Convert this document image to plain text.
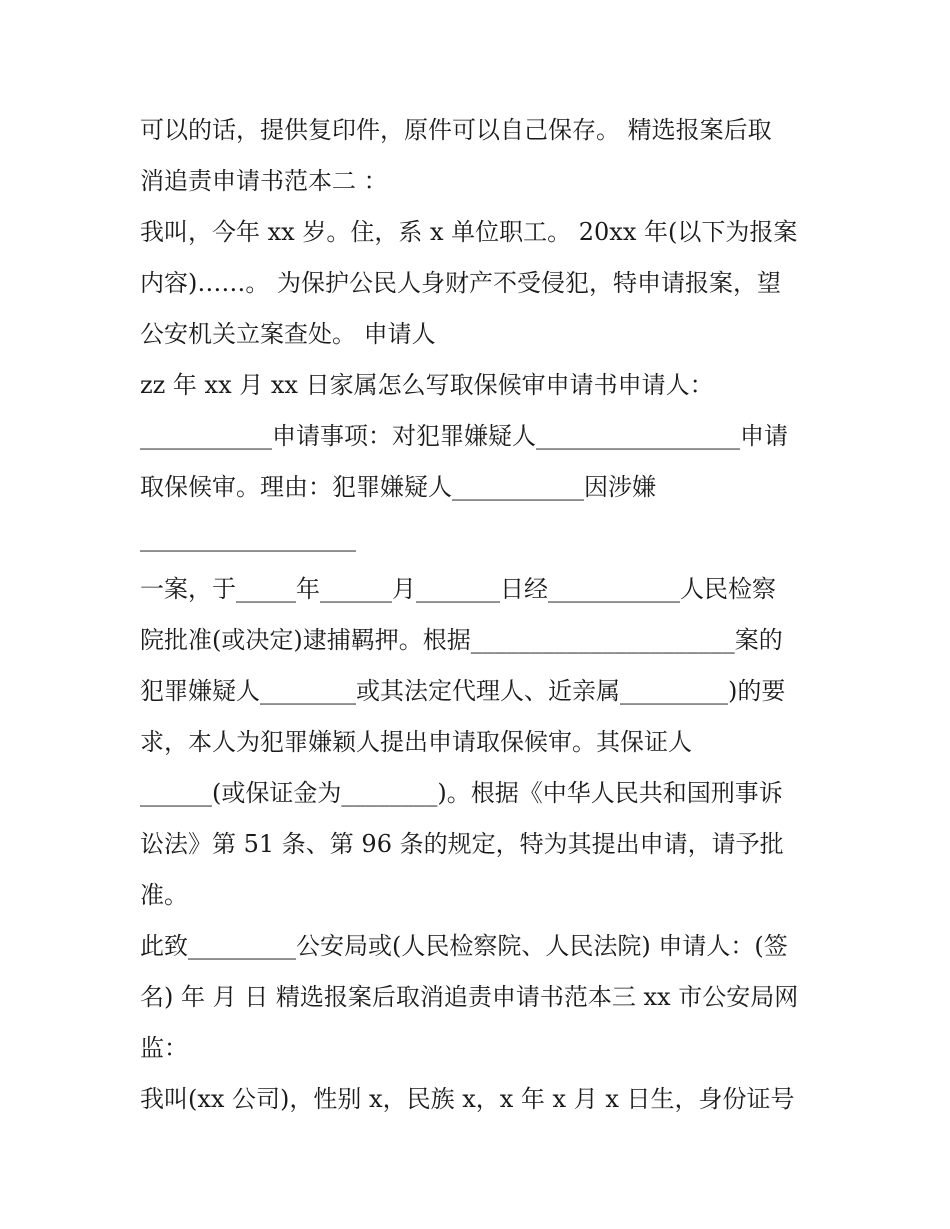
可以的话，提供复印件，原件可以自己保存。 精选报案后取
消追责申请书范本二 ：
我叫，今年 xx 岁。住，系 x 单位职工。 20xx 年(以下为报案
内容)……。 为保护公民人身财产不受侵犯，特申请报案，望
公安机关立案查处。 申请人
zz 年 xx 月 xx 日家属怎么写取保候审申请书申请人：
___________申请事项：对犯罪嫌疑人_________________申请
取保候审。理由：犯罪嫌疑人___________因涉嫌
__________________
一案，于_____年______月_______日经___________人民检察
院批准(或决定)逮捕羁押。根据______________________案的
犯罪嫌疑人________或其法定代理人、近亲属_________)的要
求，本人为犯罪嫌颖人提出申请取保候审。其保证人
______(或保证金为________)。根据《中华人民共和国刑事诉
讼法》第 51 条、第 96 条的规定，特为其提出申请，请予批
准。
此致_________公安局或(人民检察院、人民法院) 申请人：(签
名) 年 月 日 精选报案后取消追责申请书范本三 xx 市公安局网
监：
我叫(xx 公司)，性别 x，民族 x，x 年 x 月 x 日生，身份证号
